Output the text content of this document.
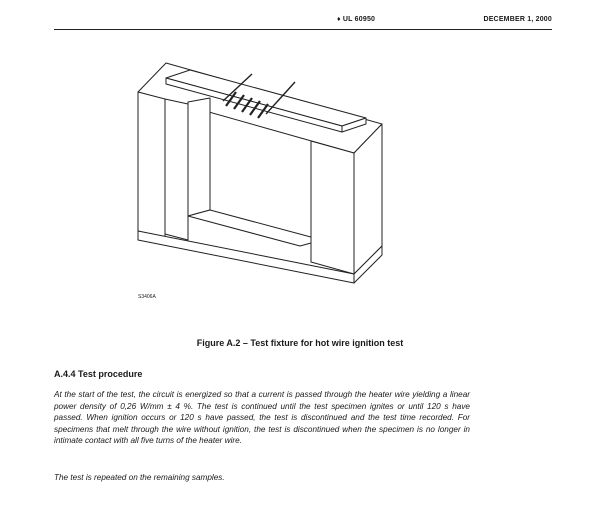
♦ UL 60950	DECEMBER 1, 2000
S3406A
Figure A.2 – Test fixture for hot wire ignition test
A.4.4 Test procedure

At the start of the test, the circuit is energized so that a current is passed through the heater wire yielding a linear power density of 0,26 W/mm ± 4 %. The test is continued until the test specimen ignites or until 120 s have passed. When ignition occurs or 120 s have passed, the test is discontinued and the test time recorded. For specimens that melt through the wire without ignition, the test is discontinued when the specimen is no longer in intimate contact with all five turns of the heater wire.

The test is repeated on the remaining samples.
